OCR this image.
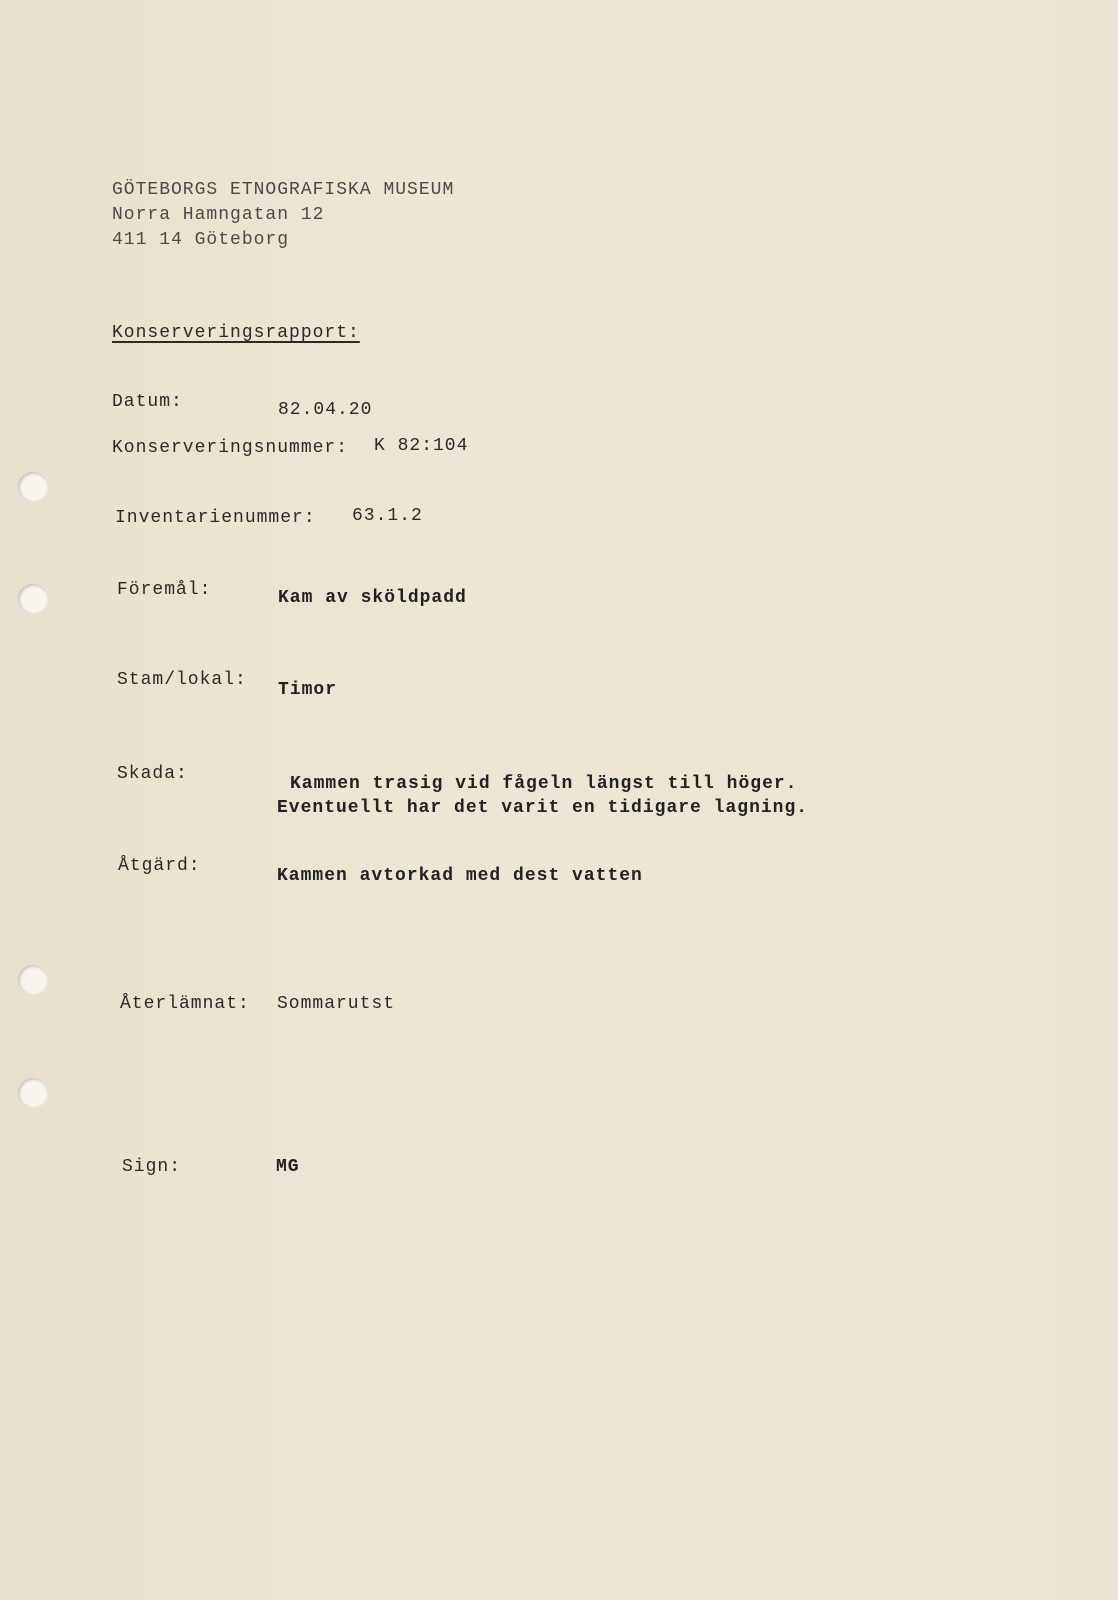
GÖTEBORGS ETNOGRAFISKA MUSEUM
Norra Hamngatan 12
411 14 Göteborg
Konserveringsrapport:
Datum:	82.04.20
Konserveringsnummer: K 82:104
Inventarienummer: 63.1.2
Föremål:	Kam av sköldpadd
Stam/lokal: Timor
Skada:	Kammen trasig vid fågeln längst till höger.
Eventuellt har det varit en tidigare lagning.
Åtgärd:	Kammen avtorkad med dest vatten
Återlämnat: Sommarutst
Sign:	MG
